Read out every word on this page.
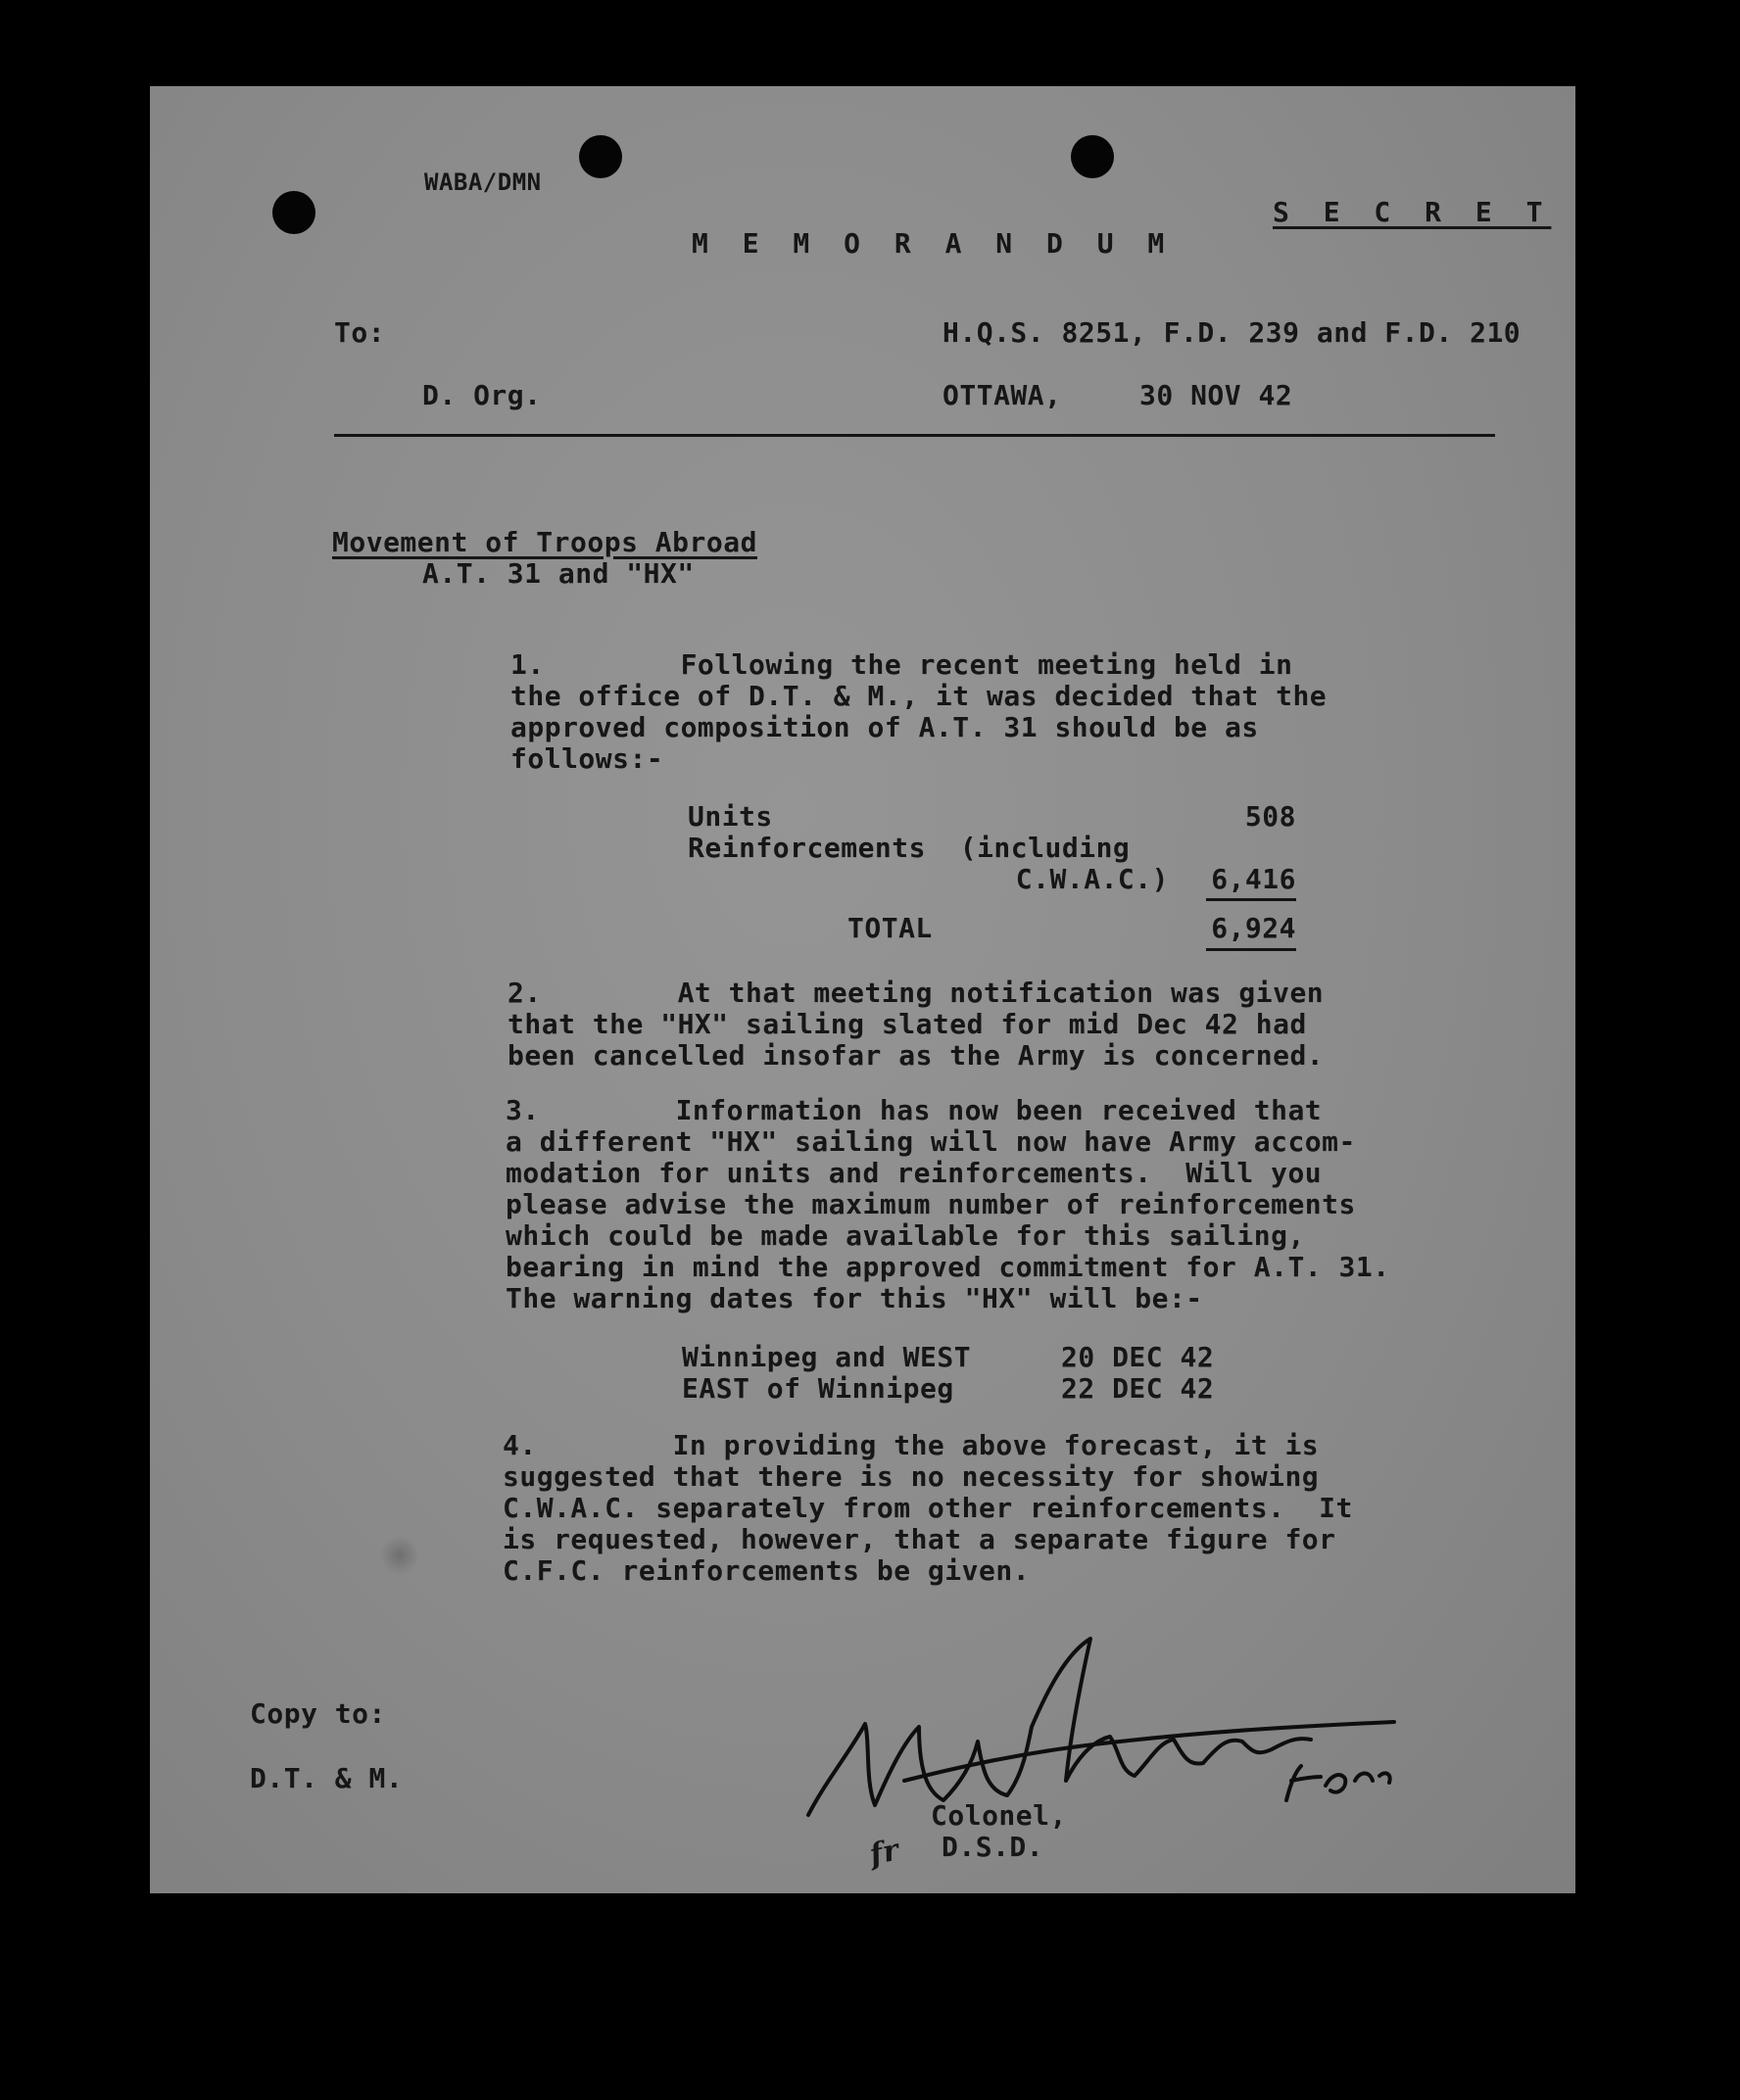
WABA/DMN
S E C R E T
M E M O R A N D U M
To:	H.Q.S. 8251, F.D. 239 and F.D. 210
D. Org.	OTTAWA,	30 NOV 42
Movement of Troops Abroad
A.T. 31 and "HX"
1.        Following the recent meeting held in
the office of D.T. & M., it was decided that the
approved composition of A.T. 31 should be as
follows:-
Units	508
Reinforcements  (including
C.W.A.C.)	6,416
TOTAL	6,924
2.        At that meeting notification was given
that the "HX" sailing slated for mid Dec 42 had
been cancelled insofar as the Army is concerned.
3.        Information has now been received that
a different "HX" sailing will now have Army accom-
modation for units and reinforcements.  Will you
please advise the maximum number of reinforcements
which could be made available for this sailing,
bearing in mind the approved commitment for A.T. 31.
The warning dates for this "HX" will be:-
Winnipeg and WEST	20 DEC 42
EAST of Winnipeg	22 DEC 42
4.        In providing the above forecast, it is
suggested that there is no necessity for showing
C.W.A.C. separately from other reinforcements.  It
is requested, however, that a separate figure for
C.F.C. reinforcements be given.
Copy to:
D.T. & M.
fr
Colonel,
D.S.D.
